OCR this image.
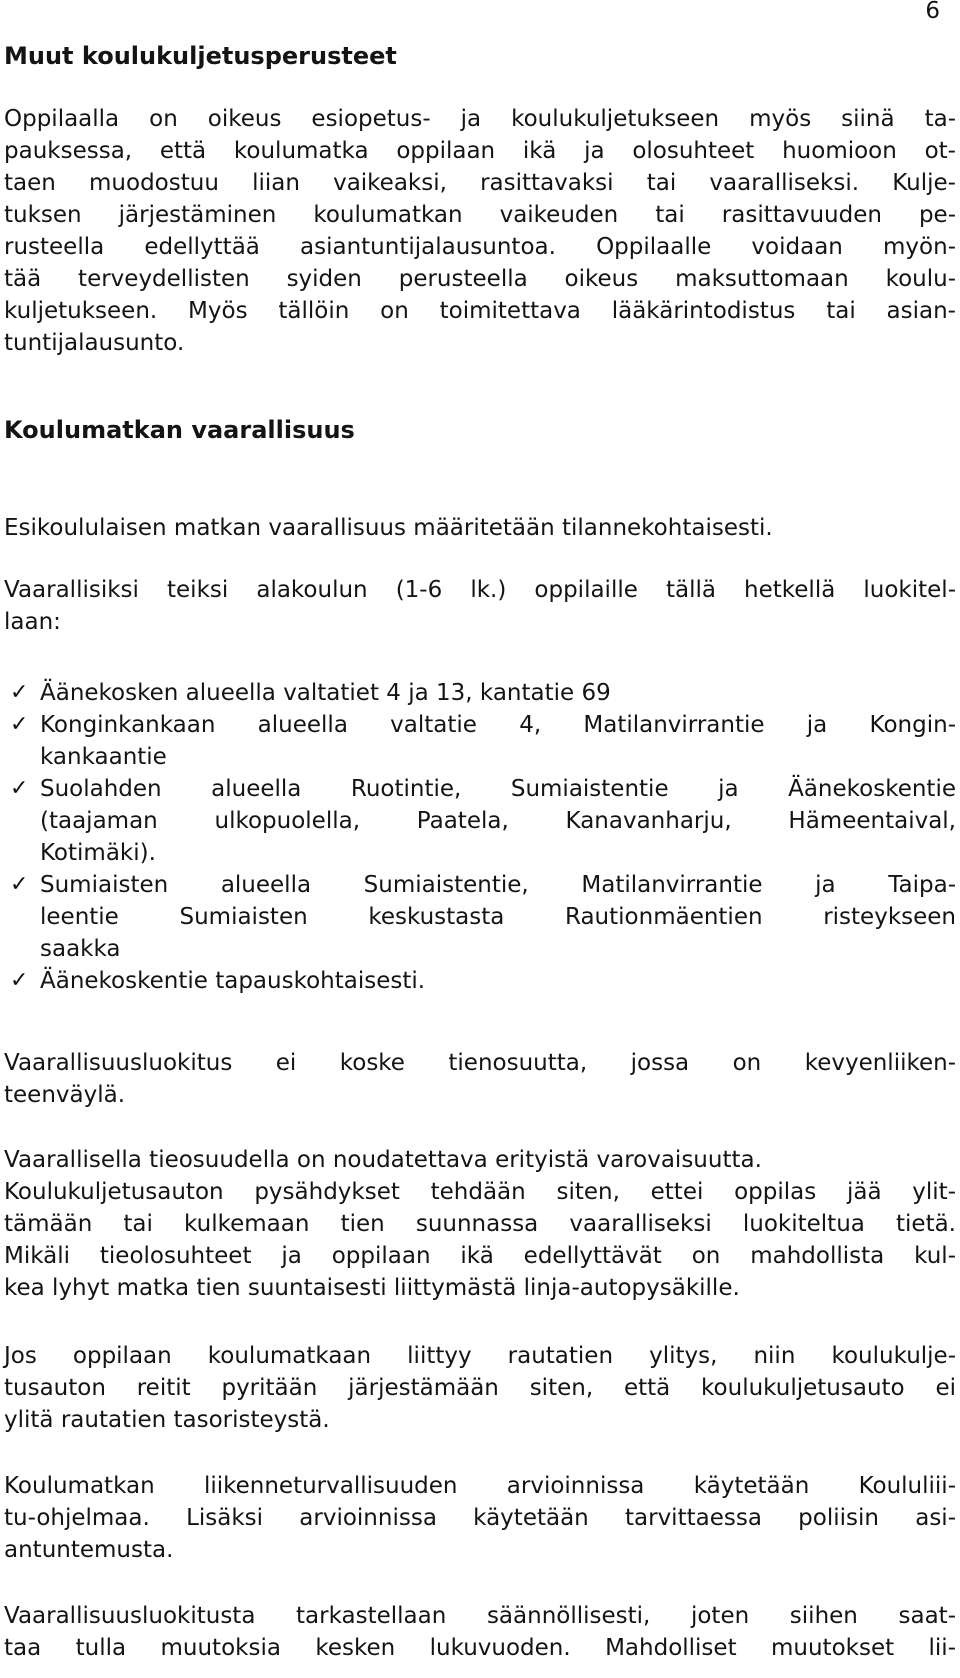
6
Muut koulukuljetusperusteet
Oppilaalla on oikeus esiopetus- ja koulukuljetukseen myös siinä ta-
pauksessa, että koulumatka oppilaan ikä ja olosuhteet huomioon ot-
taen muodostuu liian vaikeaksi, rasittavaksi tai vaaralliseksi. Kulje-
tuksen järjestäminen koulumatkan vaikeuden tai rasittavuuden pe-
rusteella edellyttää asiantuntijalausuntoa. Oppilaalle voidaan myön-
tää terveydellisten syiden perusteella oikeus maksuttomaan koulu-
kuljetukseen. Myös tällöin on toimitettava lääkärintodistus tai asian-
tuntijalausunto.
Koulumatkan vaarallisuus
Esikoululaisen matkan vaarallisuus määritetään tilannekohtaisesti.
Vaarallisiksi teiksi alakoulun (1-6 lk.) oppilaille tällä hetkellä luokitel-
laan:
✓ Äänekosken alueella valtatiet 4 ja 13, kantatie 69
✓ Konginkankaan alueella valtatie 4, Matilanvirrantie ja Kongin-
kankaantie
✓ Suolahden alueella Ruotintie, Sumiaistentie ja Äänekoskentie
(taajaman ulkopuolella, Paatela, Kanavanharju, Hämeentaival,
Kotimäki).
✓ Sumiaisten alueella Sumiaistentie, Matilanvirrantie ja Taipa-
leentie Sumiaisten keskustasta Rautionmäentien risteykseen
saakka
✓ Äänekoskentie tapauskohtaisesti.
Vaarallisuusluokitus ei koske tienosuutta, jossa on kevyenliiken-
teenväylä.
Vaarallisella tieosuudella on noudatettava erityistä varovaisuutta.
Koulukuljetusauton pysähdykset tehdään siten, ettei oppilas jää ylit-
tämään tai kulkemaan tien suunnassa vaaralliseksi luokiteltua tietä.
Mikäli tieolosuhteet ja oppilaan ikä edellyttävät on mahdollista kul-
kea lyhyt matka tien suuntaisesti liittymästä linja-autopysäkille.
Jos oppilaan koulumatkaan liittyy rautatien ylitys, niin koulukulje-
tusauton reitit pyritään järjestämään siten, että koulukuljetusauto ei
ylitä rautatien tasoristeystä.
Koulumatkan liikenneturvallisuuden arvioinnissa käytetään Koululiii-
tu-ohjelmaa. Lisäksi arvioinnissa käytetään tarvittaessa poliisin asi-
antuntemusta.
Vaarallisuusluokitusta tarkastellaan säännöllisesti, joten siihen saat-
taa tulla muutoksia kesken lukuvuoden. Mahdolliset muutokset lii-
